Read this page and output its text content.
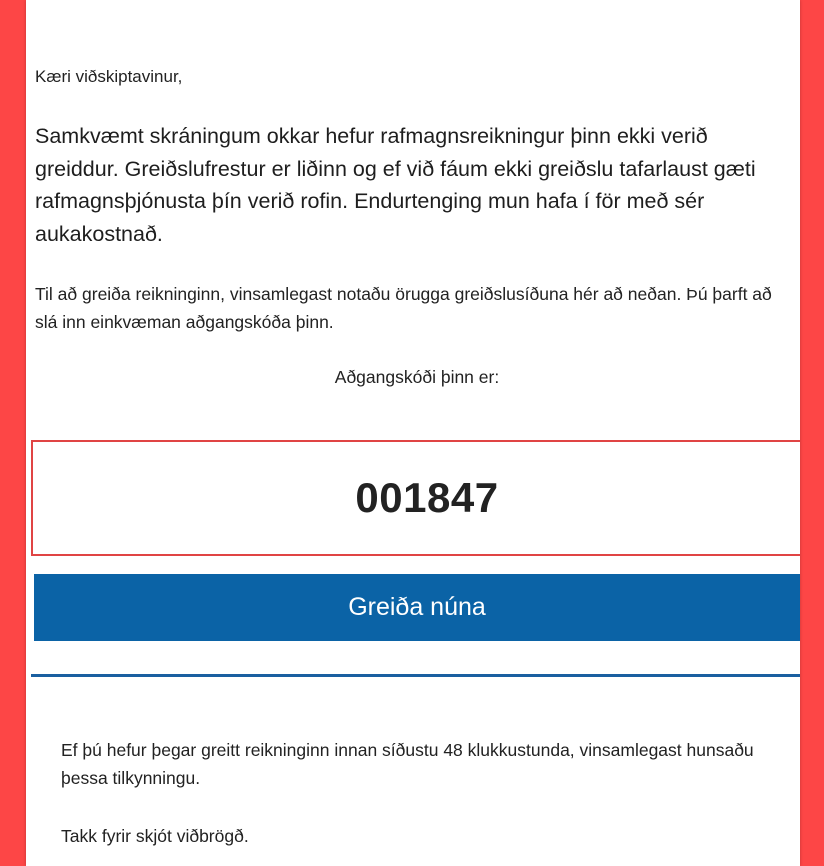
Kæri viðskiptavinur,
Samkvæmt skráningum okkar hefur rafmagnsreikningur þinn ekki verið greiddur. Greiðslufrestur er liðinn og ef við fáum ekki greiðslu tafarlaust gæti rafmagnsþjónusta þín verið rofin. Endurtenging mun hafa í för með sér aukakostnað.
Til að greiða reikninginn, vinsamlegast notaðu örugga greiðslusíðuna hér að neðan. Þú þarft að slá inn einkvæman aðgangskóða þinn.
Aðgangskóði þinn er:
001847
Greiða núna
Ef þú hefur þegar greitt reikninginn innan síðustu 48 klukkustunda, vinsamlegast hunsaðu þessa tilkynningu.
Takk fyrir skjót viðbrögð.
